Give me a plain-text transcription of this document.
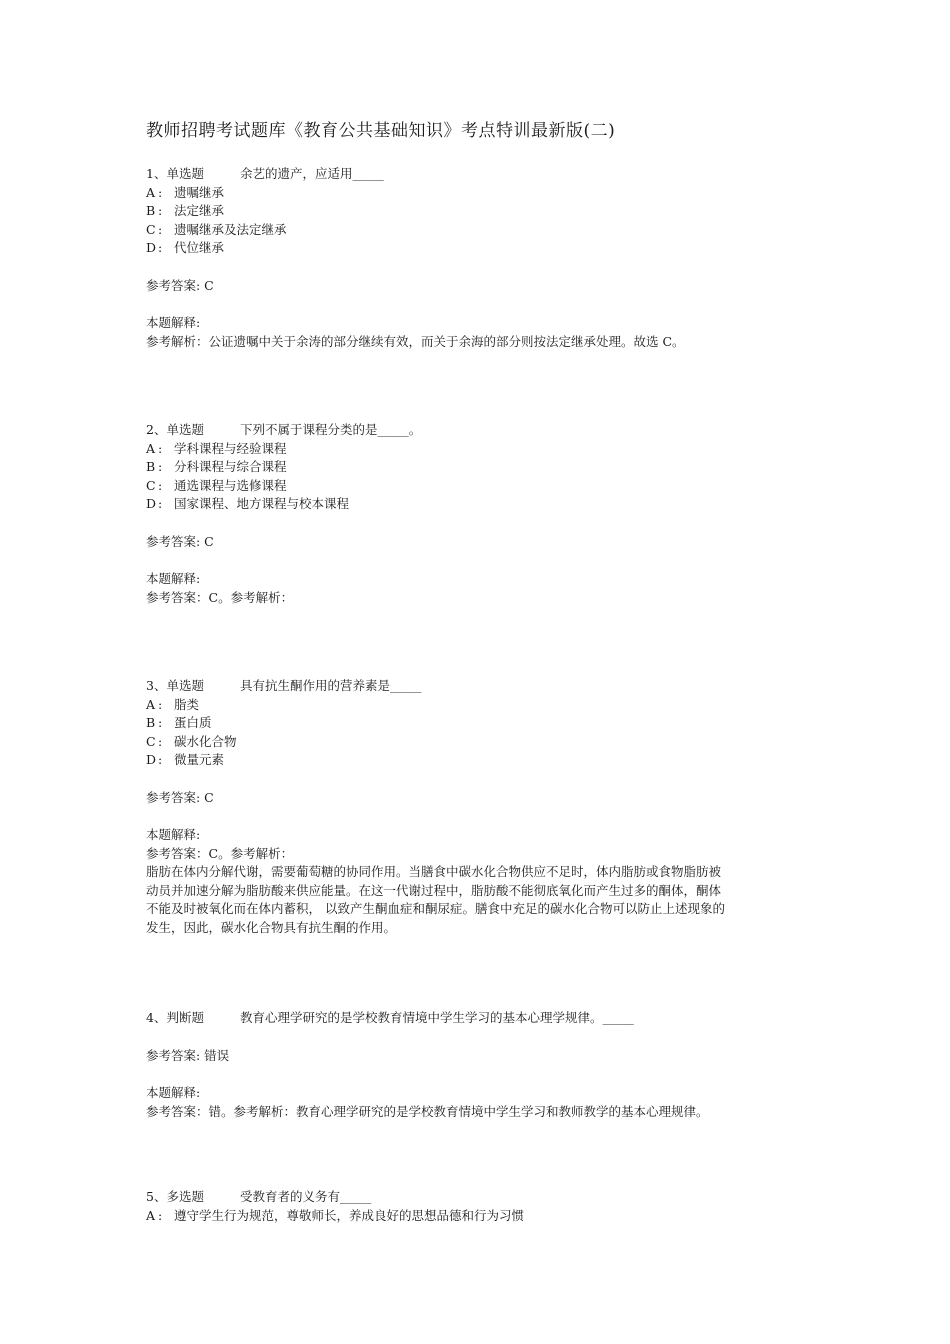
教师招聘考试题库《教育公共基础知识》考点特训最新版(二)
1、单选题	余艺的遗产，应适用_____
A : 遗嘱继承
B : 法定继承
C : 遗嘱继承及法定继承
D : 代位继承
参考答案: C
本题解释:
参考解析：公证遗嘱中关于余涛的部分继续有效，而关于余海的部分则按法定继承处理。故选 C。
2、单选题	下列不属于课程分类的是_____。
A : 学科课程与经验课程
B : 分科课程与综合课程
C : 通选课程与选修课程
D : 国家课程、地方课程与校本课程
参考答案: C
本题解释:
参考答案：C。参考解析：
3、单选题	具有抗生酮作用的营养素是_____
A : 脂类
B : 蛋白质
C : 碳水化合物
D : 微量元素
参考答案: C
本题解释:
参考答案：C。参考解析：
脂肪在体内分解代谢，需要葡萄糖的协同作用。当膳食中碳水化合物供应不足时，体内脂肪或食物脂肪被
动员并加速分解为脂肪酸来供应能量。在这一代谢过程中，脂肪酸不能彻底氧化而产生过多的酮体，酮体
不能及时被氧化而在体内蓄积， 以致产生酮血症和酮尿症。膳食中充足的碳水化合物可以防止上述现象的
发生，因此，碳水化合物具有抗生酮的作用。
4、判断题	教育心理学研究的是学校教育情境中学生学习的基本心理学规律。_____
参考答案: 错误
本题解释:
参考答案：错。参考解析：教育心理学研究的是学校教育情境中学生学习和教师教学的基本心理规律。
5、多选题	受教育者的义务有_____
A : 遵守学生行为规范，尊敬师长，养成良好的思想品德和行为习惯
